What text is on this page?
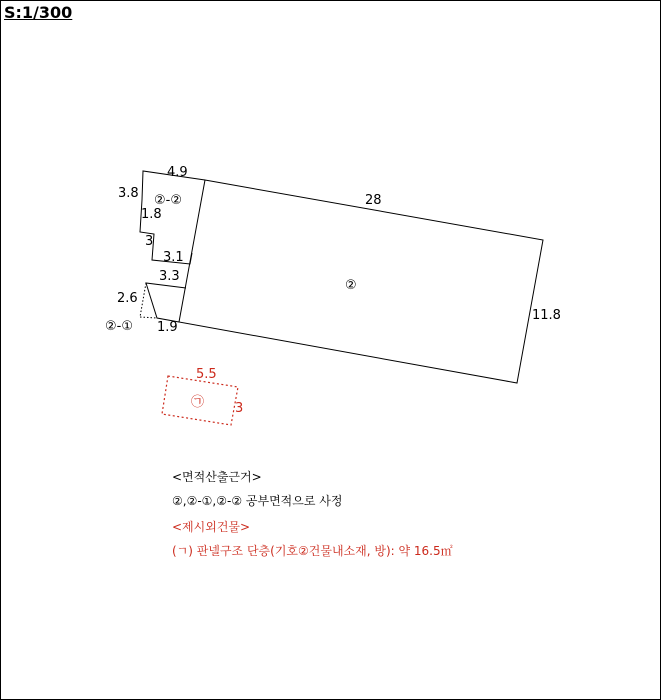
S:1/300
4.9
28
3.8 ②-②
1.8
3
3.1
3.3
2.6
②-① 1.9
②
11.8
5.5
㉠ 3
<면적산출근거>
②,②-①,②-② 공부면적으로 사정
<제시외건물>
(ㄱ) 판넬구조 단층(기호②건물내소재, 방): 약 16.5㎡
